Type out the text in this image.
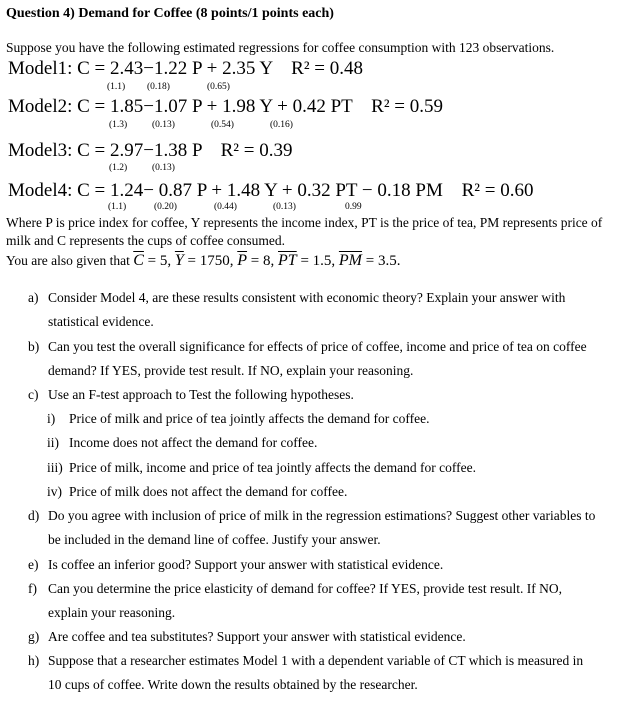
Question 4) Demand for Coffee (8 points/1 points each)
Suppose you have the following estimated regressions for coffee consumption with 123 observations.
Model1: C = 2.43−1.22 P + 2.35 Y R² = 0.48
(1.1) (0.18)	(0.65)
Model2: C = 1.85−1.07 P + 1.98 Y + 0.42 PT R² = 0.59
(1.3)	(0.13)	(0.54)	(0.16)
Model3: C = 2.97−1.38 P R² = 0.39
(1.2)	(0.13)
Model4: C = 1.24− 0.87 P + 1.48 Y + 0.32 PT − 0.18 PM R² = 0.60
(1.1)	(0.20)	(0.44)	(0.13)	0.99
Where P is price index for coffee, Y represents the income index, PT is the price of tea, PM represents price of milk and C represents the cups of coffee consumed.
You are also given that $\overline{C} = 5$, $\overline{Y} = 1750$, $\overline{P} = 8$, $\overline{PT} = 1.5$, $\overline{PM} = 3.5$.
a) Consider Model 4, are these results consistent with economic theory? Explain your answer with
statistical evidence.
b) Can you test the overall significance for effects of price of coffee, income and price of tea on coffee
demand? If YES, provide test result. If NO, explain your reasoning.
c) Use an F-test approach to Test the following hypotheses.
i) Price of milk and price of tea jointly affects the demand for coffee.
ii) Income does not affect the demand for coffee.
iii) Price of milk, income and price of tea jointly affects the demand for coffee.
iv) Price of milk does not affect the demand for coffee.
d) Do you agree with inclusion of price of milk in the regression estimations? Suggest other variables to
be included in the demand line of coffee. Justify your answer.
e) Is coffee an inferior good? Support your answer with statistical evidence.
f) Can you determine the price elasticity of demand for coffee? If YES, provide test result. If NO,
explain your reasoning.
g) Are coffee and tea substitutes? Support your answer with statistical evidence.
h) Suppose that a researcher estimates Model 1 with a dependent variable of CT which is measured in
10 cups of coffee. Write down the results obtained by the researcher.
